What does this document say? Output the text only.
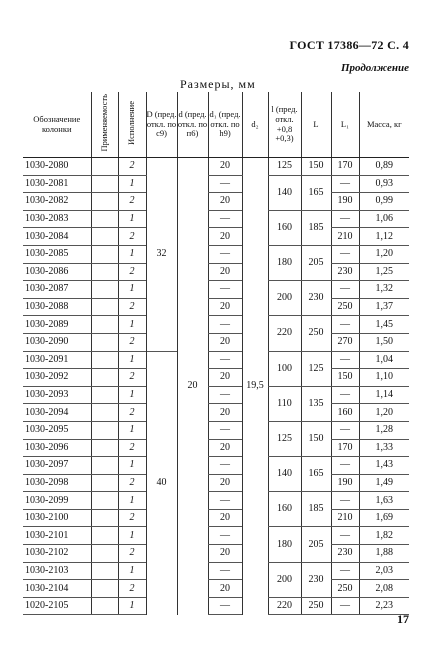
ГОСТ 17386—72 С. 4
Продолжение
Размеры, мм
Обозначение колонки	Применяемость	Исполнение	D (пред. откл. по с9)	d (пред. откл. по п6)	d₁ (пред. откл. по h9)	d₂	l (пред. откл. +0,8 +0,3)	L	L₁	Масса, кг
1030-2080		2	32	20	20	19,5	125	150	170	0,89
1030-2081		1			—		140	165	—	0,93
1030-2082		2			20				190	0,99
1030-2083		1			—		160	185	—	1,06
1030-2084		2			20				210	1,12
1030-2085		1			—		180	205	—	1,20
1030-2086		2			20				230	1,25
1030-2087		1			—		200	230	—	1,32
1030-2088		2			20				250	1,37
1030-2089		1			—		220	250	—	1,45
1030-2090		2			20				270	1,50
1030-2091		1	40		—		100	125	—	1,04
1030-2092		2			20				150	1,10
1030-2093		1			—		110	135	—	1,14
1030-2094		2			20				160	1,20
1030-2095		1			—		125	150	—	1,28
1030-2096		2			20				170	1,33
1030-2097		1			—		140	165	—	1,43
1030-2098		2			20				190	1,49
1030-2099		1			—		160	185	—	1,63
1030-2100		2			20				210	1,69
1030-2101		1			—		180	205	—	1,82
1030-2102		2			20				230	1,88
1030-2103		1			—		200	230	—	2,03
1030-2104		2			20				250	2,08
1020-2105		1			—		220	250	—	2,23
17
